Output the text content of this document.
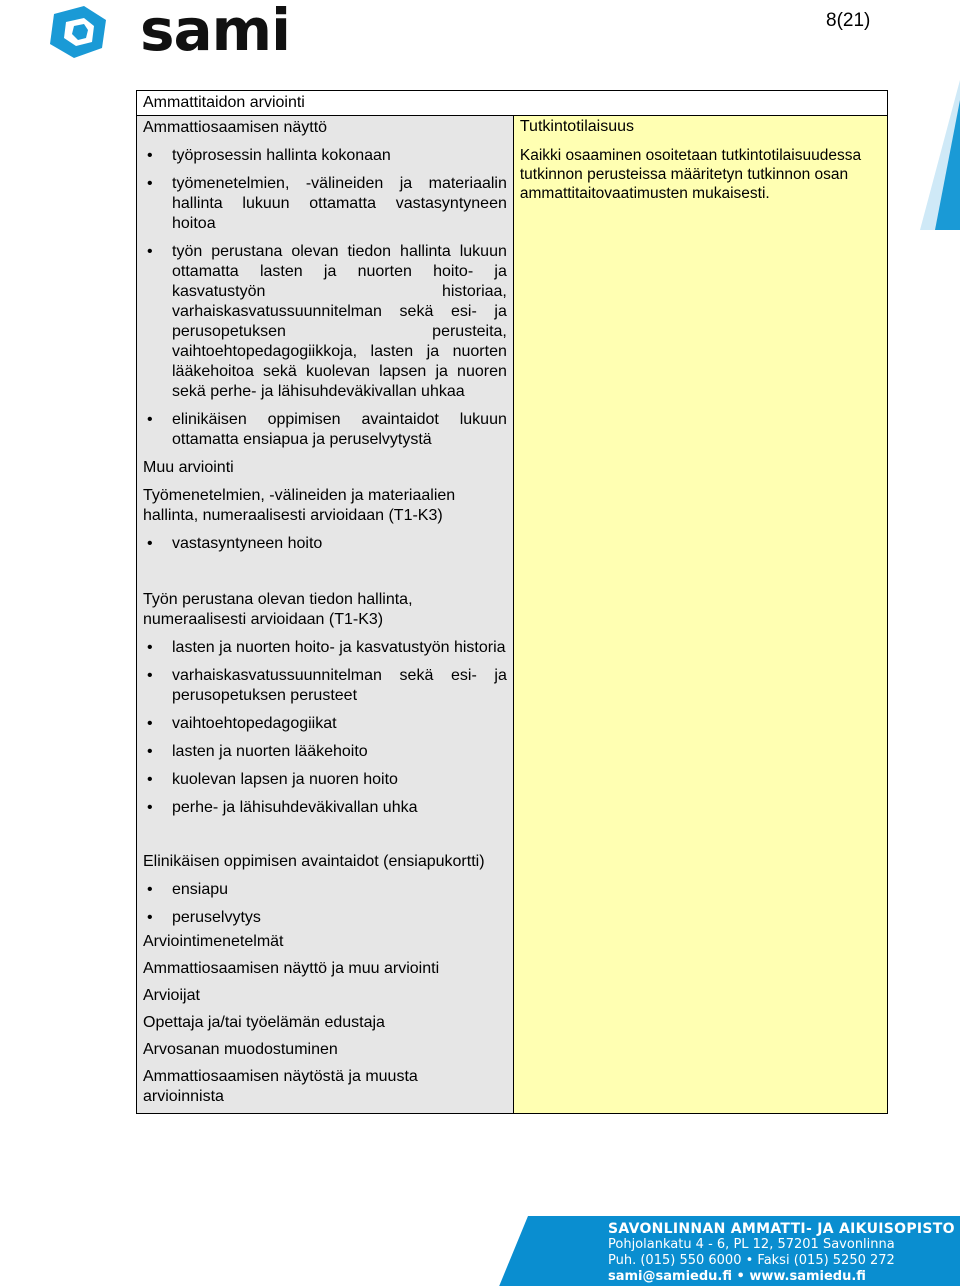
sami	8(21)
Ammattitaidon arviointi

Ammattiosaamisen näyttö
• työprosessin hallinta kokonaan
• työmenetelmien, -välineiden ja materiaalin hallinta lukuun ottamatta vastasyntyneen hoitoa
• työn perustana olevan tiedon hallinta lukuun ottamatta lasten ja nuorten hoito- ja kasvatustyön historiaa, varhaiskasvatussuunnitelman sekä esi- ja perusopetuksen perusteita, vaihtoehtopedagogiikkoja, lasten ja nuorten lääkehoitoa sekä kuolevan lapsen ja nuoren sekä perhe- ja lähisuhdeväkivallan uhkaa
• elinikäisen oppimisen avaintaidot lukuun ottamatta ensiapua ja peruselvytystä
Muu arviointi
Työmenetelmien, -välineiden ja materiaalien hallinta, numeraalisesti arvioidaan (T1-K3)
• vastasyntyneen hoito
Työn perustana olevan tiedon hallinta, numeraalisesti arvioidaan (T1-K3)
• lasten ja nuorten hoito- ja kasvatustyön historia
• varhaiskasvatussuunnitelman sekä esi- ja perusopetuksen perusteet
• vaihtoehtopedagogiikat
• lasten ja nuorten lääkehoito
• kuolevan lapsen ja nuoren hoito
• perhe- ja lähisuhdeväkivallan uhka
Elinikäisen oppimisen avaintaidot (ensiapukortti)
• ensiapu
• peruselvytys
Arviointimenetelmät
Ammattiosaamisen näyttö ja muu arviointi
Arvioijat
Opettaja ja/tai työelämän edustaja
Arvosanan muodostuminen
Ammattiosaamisen näytöstä ja muusta arvioinnista

Tutkintotilaisuus
Kaikki osaaminen osoitetaan tutkintotilaisuudessa tutkinnon perusteissa määritetyn tutkinnon osan ammattitaitovaatimusten mukaisesti.
SAVONLINNAN AMMATTI- JA AIKUISOPISTO
Pohjolankatu 4 - 6, PL 12, 57201 Savonlinna
Puh. (015) 550 6000 • Faksi (015) 5250 272
sami@samiedu.fi • www.samiedu.fi
